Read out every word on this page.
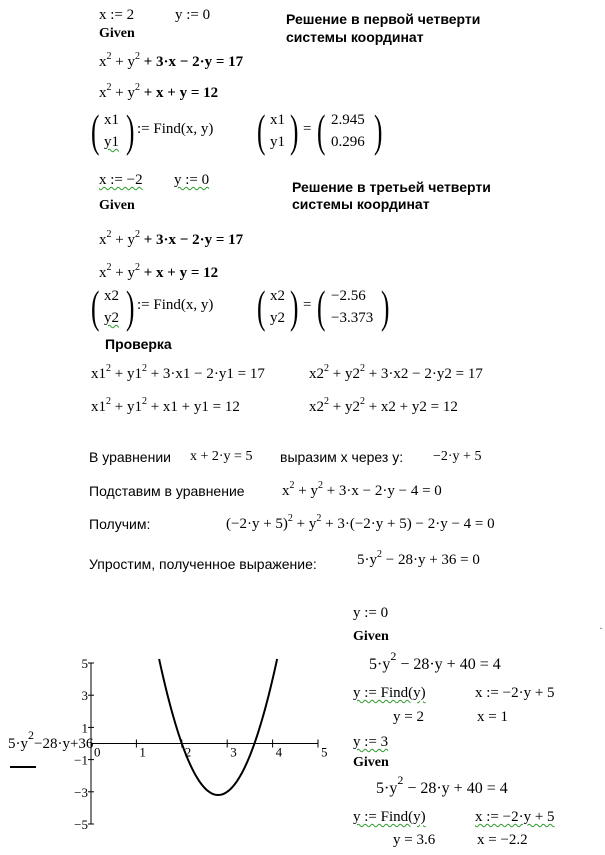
x := 2	y := 0
Given
Решение в первой четверти
системы координат
$x^2 + y^2 + 3\cdot x - 2\cdot y = 17$
$x^2 + y^2 + x + y = 12$
( x1
y1 ) := Find(x, y) ( x1
y1 ) = ( 2.945
0.296 )
x := −2 y := 0
Given
Решение в третьей четверти
системы координат
$x^2 + y^2 + 3\cdot x - 2\cdot y = 17$
$x^2 + y^2 + x + y = 12$
( x2
y2 ) := Find(x, y) ( x2
y2 ) = ( −2.56
−3.373 )
Проверка
$x1^2 + y1^2 + 3\cdot x1 - 2\cdot y1 = 17$	$x2^2 + y2^2 + 3\cdot x2 - 2\cdot y2 = 17$
$x1^2 + y1^2 + x1 + y1 = 12$	$x2^2 + y2^2 + x2 + y2 = 12$
В уравнении x + 2·y = 5 выразим х через у: −2·y + 5
Подставим в уравнение $x^2 + y^2 + 3\cdot x - 2\cdot y - 4 = 0$
Получим:	$(-2\cdot y + 5)^2 + y^2 + 3\cdot(-2\cdot y + 5) - 2\cdot y - 4 = 0$
Упростим, полученное выражение:	$5\cdot y^2 - 28\cdot y + 36 = 0$
y := 0
Given
$5\cdot y^2 - 28\cdot y + 40 = 4$
y := Find(y)	x := −2·y + 5
y = 2	x = 1
y := 3
Given
$5\cdot y^2 - 28\cdot y + 40 = 4$
y := Find(y)	x := −2·y + 5
y = 3.6	x = −2.2
·
$5\cdot y^2-28\cdot y+36$ 0	1	2	3	4	5
5
3
1
−1
−3
−5
